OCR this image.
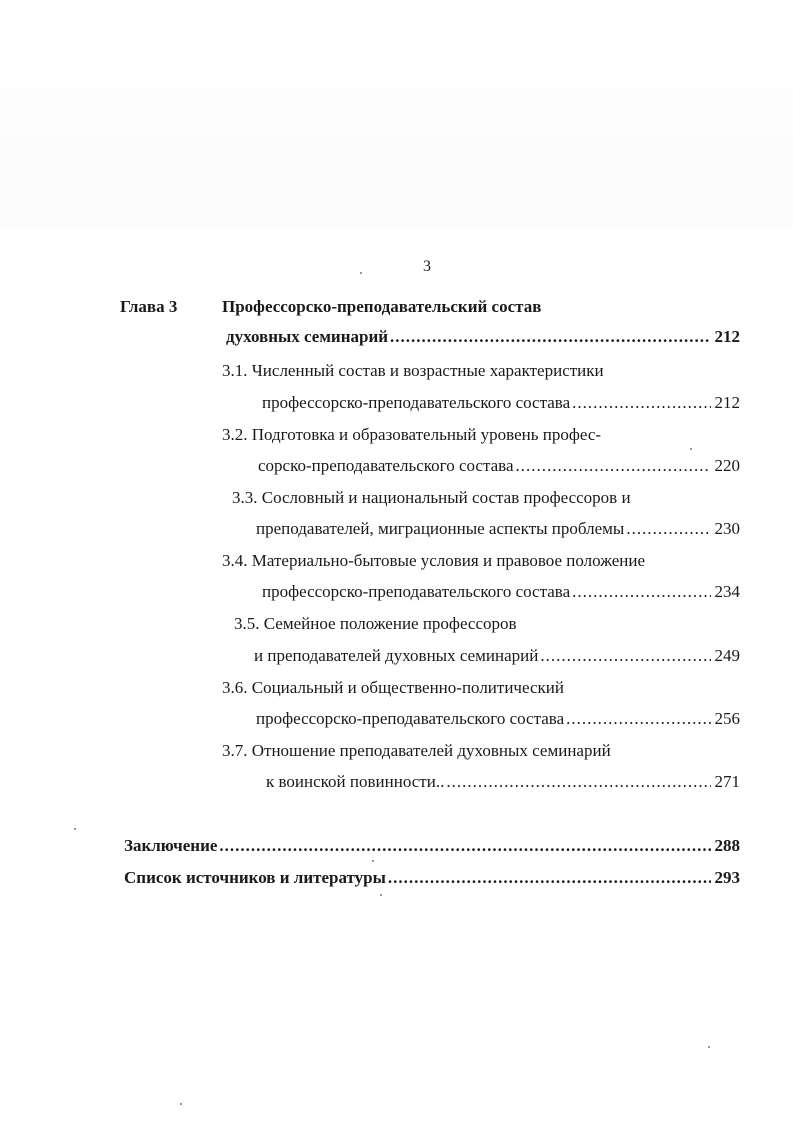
3
Глава 3	Профессорско-преподавательский состав
духовных семинарий .....	212
3.1. Численный состав и возрастные характеристики
профессорско-преподавательского состава .....	212
3.2. Подготовка и образовательный уровень профес-
сорско-преподавательского состава .....	220
3.3. Сословный и национальный состав профессоров и
преподавателей, миграционные аспекты проблемы .....	230
3.4. Материально-бытовые условия и правовое положение
профессорско-преподавательского состава .....	234
3.5. Семейное положение профессоров
и преподавателей духовных семинарий .....	249
3.6. Социальный и общественно-политический
профессорско-преподавательского состава .....	256
3.7. Отношение преподавателей духовных семинарий
к воинской повинности.. .....	271
Заключение .....	288
Список источников и литературы .....	293
